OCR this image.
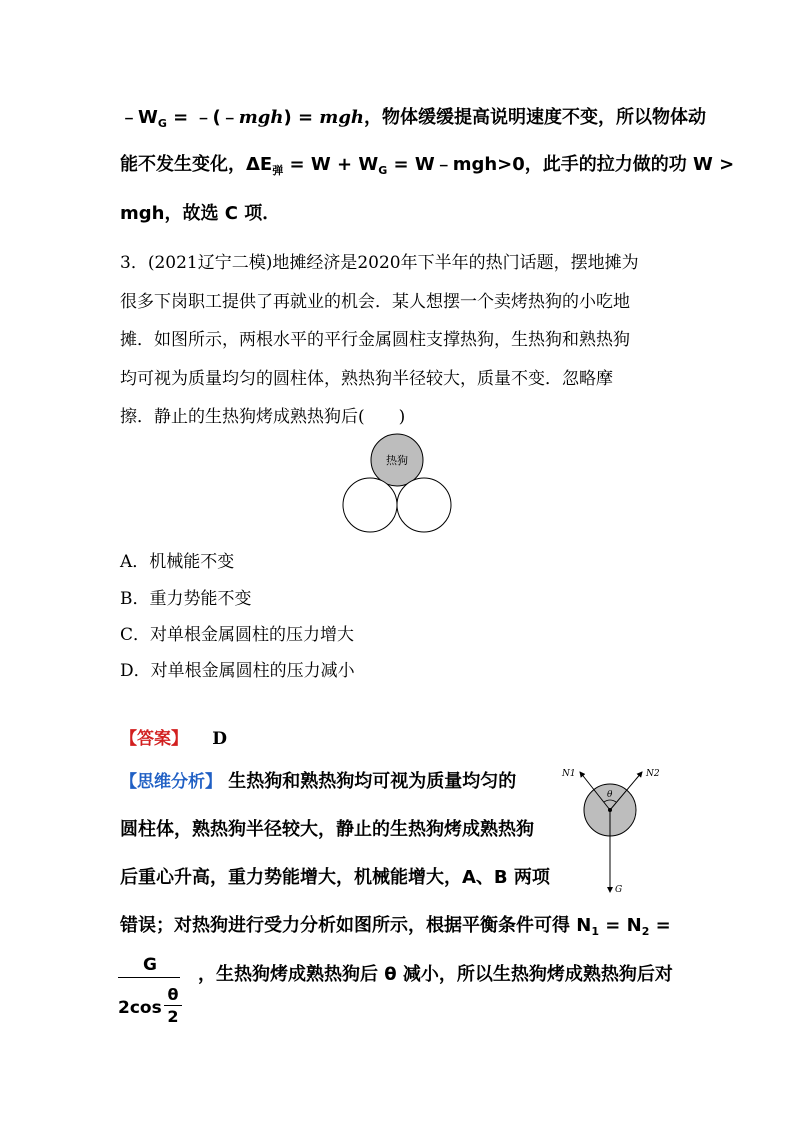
$﹣W_G$ = ﹣(﹣mgh) = mgh，物体缓缓提高说明速度不变，所以物体动
能不发生变化，$\Delta E_弹 = W + W_G$ = W﹣mgh>0，此手的拉力做的功 W >
mgh，故选 C 项．
3．(2021辽宁二模)地摊经济是2020年下半年的热门话题，摆地摊为
很多下岗职工提供了再就业的机会．某人想摆一个卖烤热狗的小吃地
摊．如图所示，两根水平的平行金属圆柱支撑热狗，生热狗和熟热狗
均可视为质量均匀的圆柱体，熟热狗半径较大，质量不变．忽略摩
擦．静止的生热狗烤成熟热狗后(　　)
热狗
A．机械能不变
B．重力势能不变
C．对单根金属圆柱的压力增大
D．对单根金属圆柱的压力减小
【答案】 D
【思维分析】 生热狗和熟热狗均可视为质量均匀的
圆柱体，熟热狗半径较大，静止的生热狗烤成熟热狗
后重心升高，重力势能增大，机械能增大，A、B 两项
错误；对热狗进行受力分析如图所示，根据平衡条件可得 $N_1 = N_2$ =
G
2cos
θ
2
，生热狗烤成熟热狗后 θ 减小，所以生热狗烤成熟热狗后对
N1	N2
θ
G
